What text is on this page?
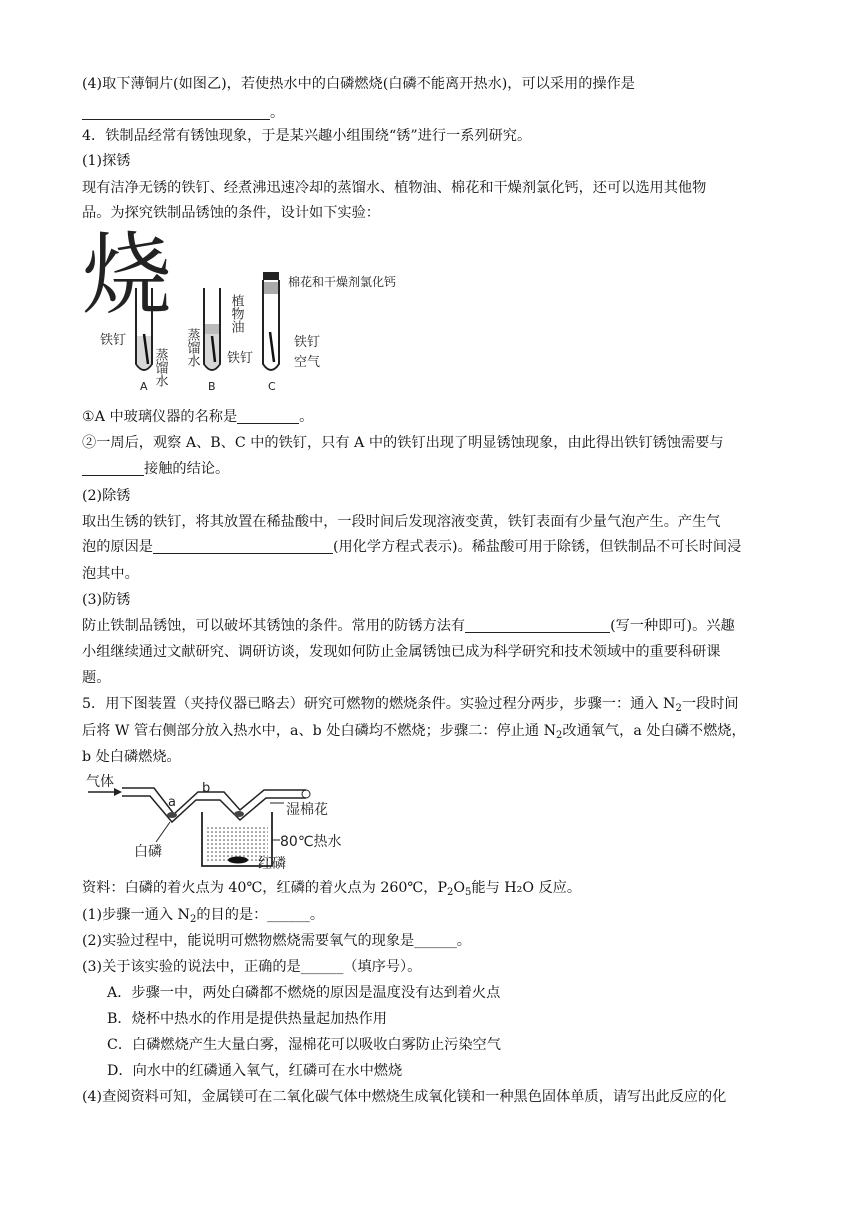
(4)取下薄铜片(如图乙)，若使热水中的白磷燃烧(白磷不能离开热水)，可以采用的操作是
。
4．铁制品经常有锈蚀现象，于是某兴趣小组围绕“锈”进行一系列研究。
(1)探锈
现有洁净无锈的铁钉、经煮沸迅速冷却的蒸馏水、植物油、棉花和干燥剂氯化钙，还可以选用其他物
品。为探究铁制品锈蚀的条件，设计如下实验：
烧
铁钉
蒸馏水
植物油
蒸馏水 铁钉
棉花和干燥剂氯化钙
铁钉
空气
A	B	C
①A 中玻璃仪器的名称是	。
②一周后，观察 A、B、C 中的铁钉，只有 A 中的铁钉出现了明显锈蚀现象，由此得出铁钉锈蚀需要与
接触的结论。
(2)除锈
取出生锈的铁钉，将其放置在稀盐酸中，一段时间后发现溶液变黄，铁钉表面有少量气泡产生。产生气
泡的原因是	(用化学方程式表示)。稀盐酸可用于除锈，但铁制品不可长时间浸
泡其中。
(3)防锈
防止铁制品锈蚀，可以破坏其锈蚀的条件。常用的防锈方法有	(写一种即可)。兴趣
小组继续通过文献研究、调研访谈，发现如何防止金属锈蚀已成为科学研究和技术领域中的重要科研课
题。
5．用下图装置（夹持仪器已略去）研究可燃物的燃烧条件。实验过程分两步，步骤一：通入 $N_2$一段时间
后将 W 管右侧部分放入热水中，a、b 处白磷均不燃烧；步骤二：停止通 $N_2$改通氧气，a 处白磷不燃烧，
b 处白磷燃烧。
气体
a
b
湿棉花
白磷
80℃热水
红磷
资料：白磷的着火点为 40℃，红磷的着火点为 260℃，$P_2O_5$能与 H₂O 反应。
(1)步骤一通入 $N_2$的目的是：______。
(2)实验过程中，能说明可燃物燃烧需要氧气的现象是______。
(3)关于该实验的说法中，正确的是______（填序号）。
A．步骤一中，两处白磷都不燃烧的原因是温度没有达到着火点
B．烧杯中热水的作用是提供热量起加热作用
C．白磷燃烧产生大量白雾，湿棉花可以吸收白雾防止污染空气
D．向水中的红磷通入氧气，红磷可在水中燃烧
(4)查阅资料可知，金属镁可在二氧化碳气体中燃烧生成氧化镁和一种黑色固体单质，请写出此反应的化
